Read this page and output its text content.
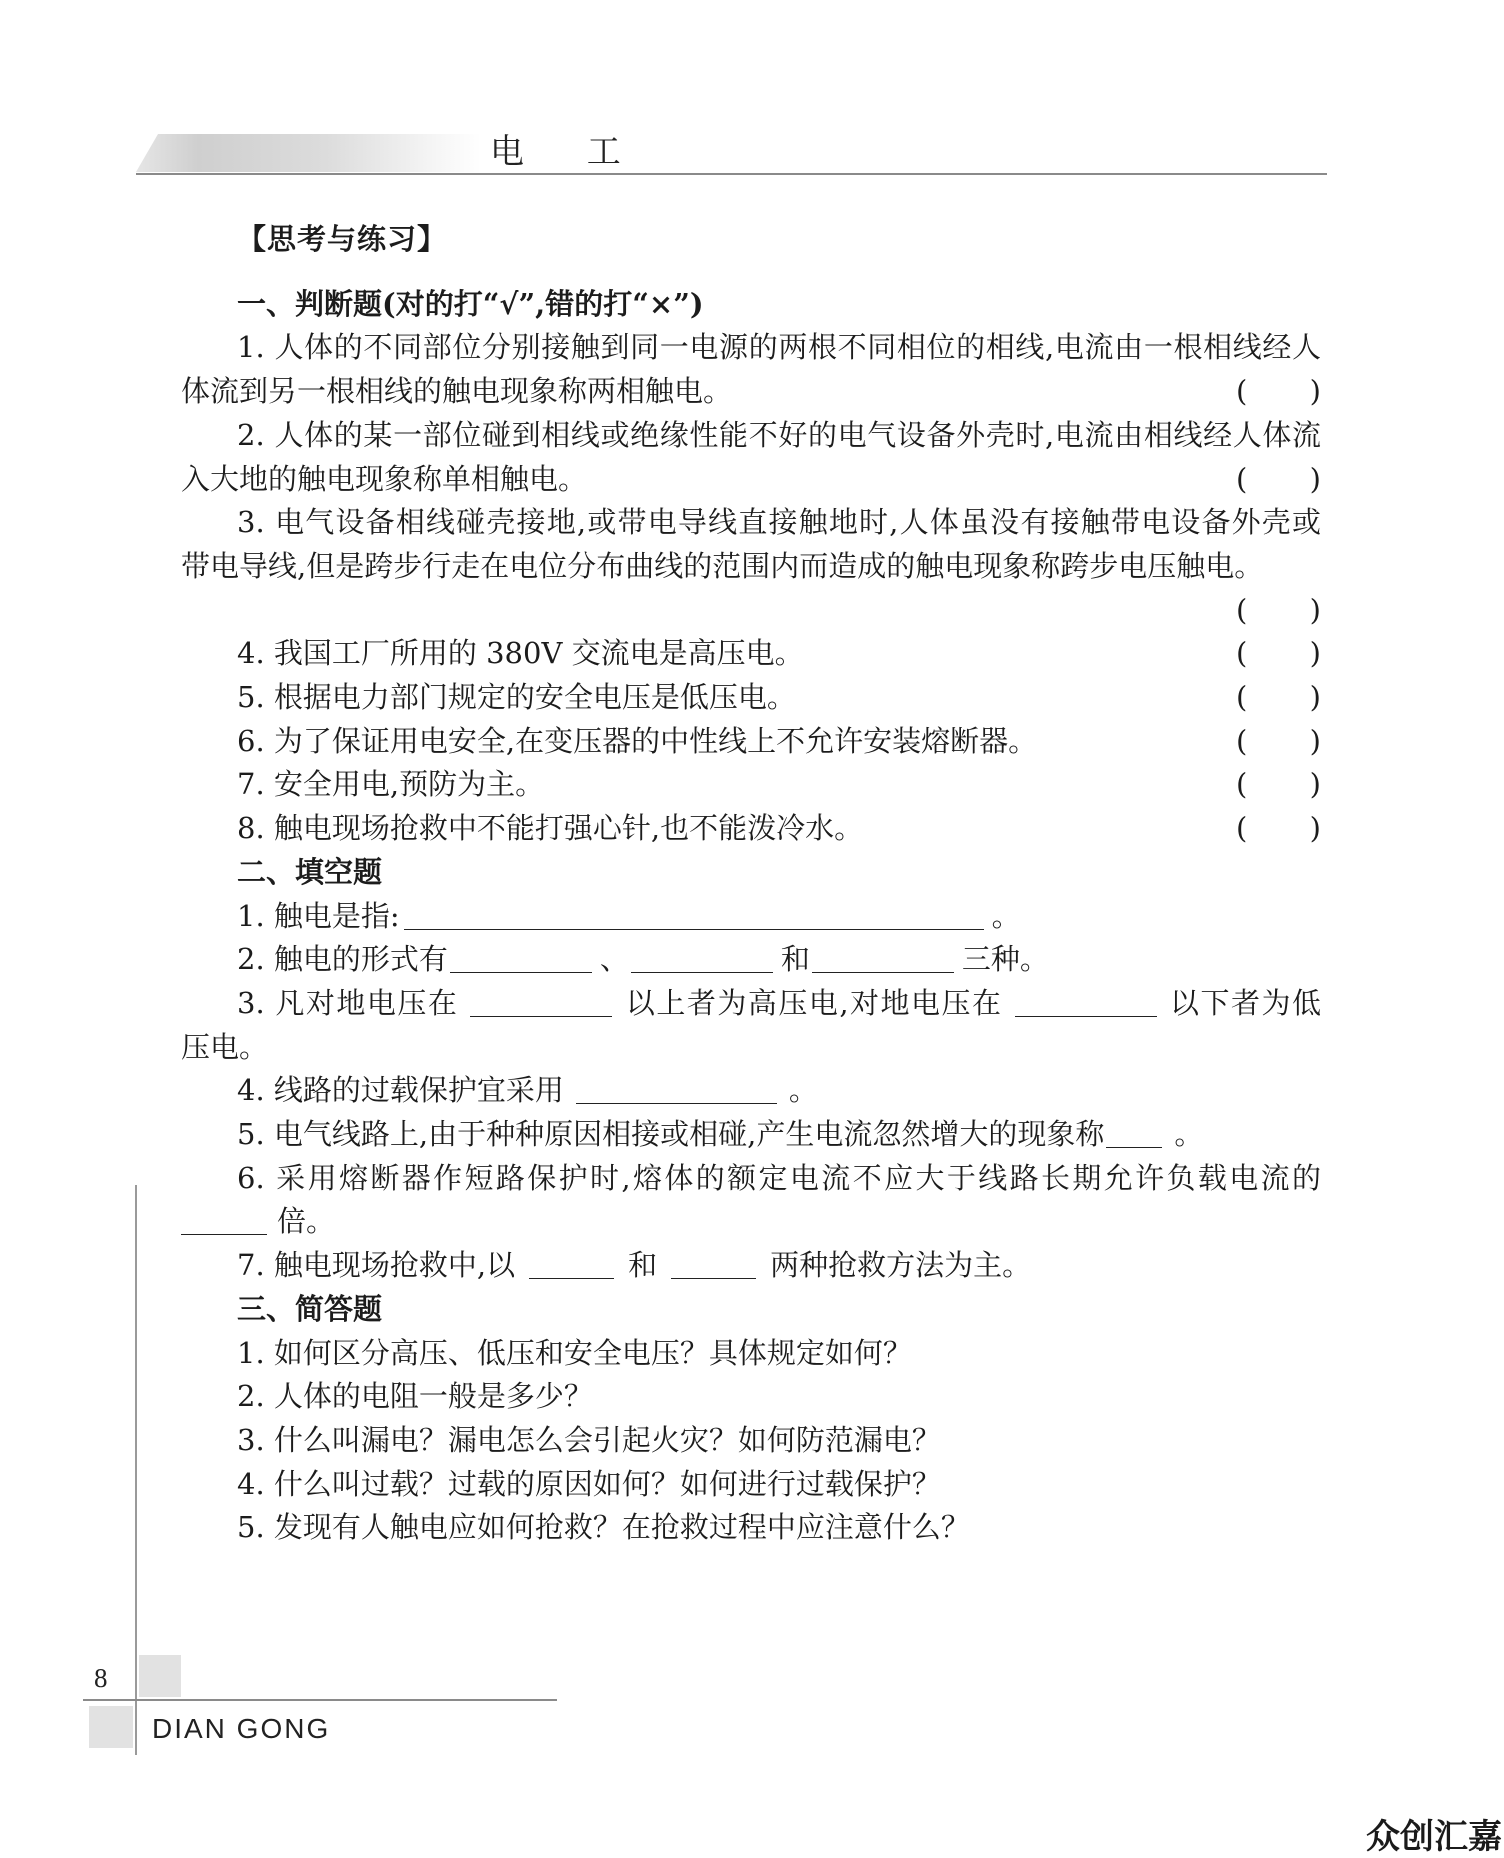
电 工
【思考与练习】
一、判断题(对的打“√”,错的打“×”)
1. 人体的不同部位分别接触到同一电源的两根不同相位的相线,电流由一根相线经人
体流到另一根相线的触电现象称两相触电。	( )
2. 人体的某一部位碰到相线或绝缘性能不好的电气设备外壳时,电流由相线经人体流
入大地的触电现象称单相触电。	( )
3. 电气设备相线碰壳接地,或带电导线直接触地时,人体虽没有接触带电设备外壳或
带电导线,但是跨步行走在电位分布曲线的范围内而造成的触电现象称跨步电压触电。
( )
4. 我国工厂所用的 380V 交流电是高压电。	( )
5. 根据电力部门规定的安全电压是低压电。	( )
6. 为了保证用电安全,在变压器的中性线上不允许安装熔断器。	( )
7. 安全用电,预防为主。	( )
8. 触电现场抢救中不能打强心针,也不能泼冷水。	( )
二、填空题
1. 触电是指:	。
2. 触电的形式有	、	和	三种。
3. 凡对地电压在	以上者为高压电,对地电压在	以下者为低
压电。
4. 线路的过载保护宜采用	。
5. 电气线路上,由于种种原因相接或相碰,产生电流忽然增大的现象称 。
6. 采用熔断器作短路保护时,熔体的额定电流不应大于线路长期允许负载电流的
倍。
7. 触电现场抢救中,以	和	两种抢救方法为主。
三、简答题
1. 如何区分高压、低压和安全电压？具体规定如何？
2. 人体的电阻一般是多少？
3. 什么叫漏电？漏电怎么会引起火灾？如何防范漏电？
4. 什么叫过载？过载的原因如何？如何进行过载保护？
5. 发现有人触电应如何抢救？在抢救过程中应注意什么？
8
DIAN GONG
众创汇嘉
